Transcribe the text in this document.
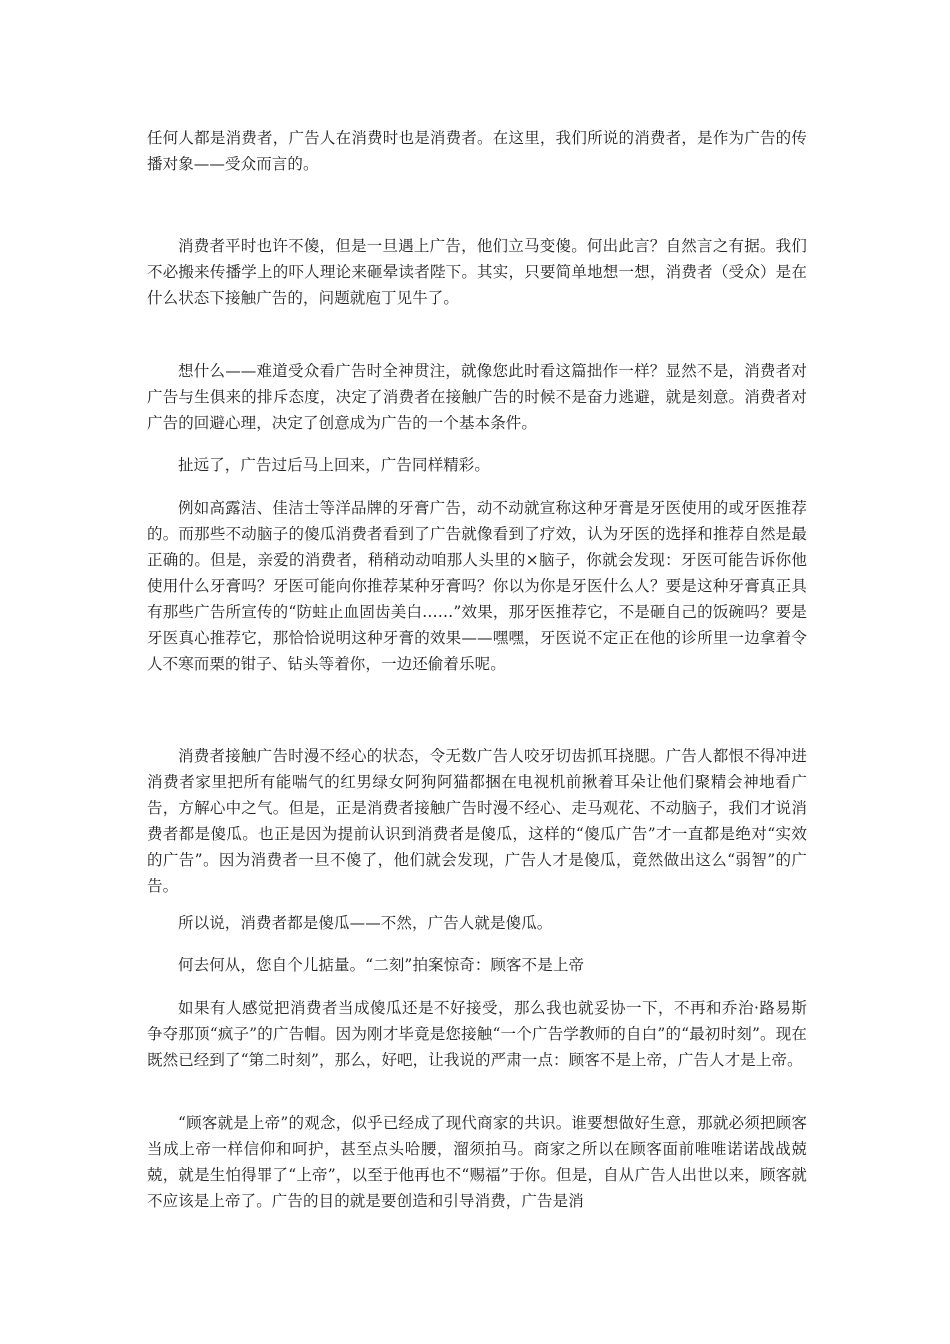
任何人都是消费者，广告人在消费时也是消费者。在这里，我们所说的消费者，是作为广告的传播对象——受众而言的。

消费者平时也许不傻，但是一旦遇上广告，他们立马变傻。何出此言？自然言之有据。我们不必搬来传播学上的吓人理论来砸晕读者陛下。其实，只要简单地想一想，消费者（受众）是在什么状态下接触广告的，问题就庖丁见牛了。

想什么——难道受众看广告时全神贯注，就像您此时看这篇拙作一样？显然不是，消费者对广告与生俱来的排斥态度，决定了消费者在接触广告的时候不是奋力逃避，就是刻意。消费者对广告的回避心理，决定了创意成为广告的一个基本条件。

扯远了，广告过后马上回来，广告同样精彩。

例如高露洁、佳洁士等洋品牌的牙膏广告，动不动就宣称这种牙膏是牙医使用的或牙医推荐的。而那些不动脑子的傻瓜消费者看到了广告就像看到了疗效，认为牙医的选择和推荐自然是最正确的。但是，亲爱的消费者，稍稍动动咱那人头里的×脑子，你就会发现：牙医可能告诉你他使用什么牙膏吗？牙医可能向你推荐某种牙膏吗？你以为你是牙医什么人？要是这种牙膏真正具有那些广告所宣传的“防蛀止血固齿美白……”效果，那牙医推荐它，不是砸自己的饭碗吗？要是牙医真心推荐它，那恰恰说明这种牙膏的效果——嘿嘿，牙医说不定正在他的诊所里一边拿着令人不寒而栗的钳子、钻头等着你，一边还偷着乐呢。

消费者接触广告时漫不经心的状态，令无数广告人咬牙切齿抓耳挠腮。广告人都恨不得冲进消费者家里把所有能喘气的红男绿女阿狗阿猫都捆在电视机前揪着耳朵让他们聚精会神地看广告，方解心中之气。但是，正是消费者接触广告时漫不经心、走马观花、不动脑子，我们才说消费者都是傻瓜。也正是因为提前认识到消费者是傻瓜，这样的“傻瓜广告”才一直都是绝对“实效的广告”。因为消费者一旦不傻了，他们就会发现，广告人才是傻瓜，竟然做出这么“弱智”的广告。

所以说，消费者都是傻瓜——不然，广告人就是傻瓜。

何去何从，您自个儿掂量。“二刻”拍案惊奇：顾客不是上帝

如果有人感觉把消费者当成傻瓜还是不好接受，那么我也就妥协一下，不再和乔治·路易斯争夺那顶“疯子”的广告帽。因为刚才毕竟是您接触“一个广告学教师的自白”的“最初时刻”。现在既然已经到了“第二时刻”，那么，好吧，让我说的严肃一点：顾客不是上帝，广告人才是上帝。

“顾客就是上帝”的观念，似乎已经成了现代商家的共识。谁要想做好生意，那就必须把顾客当成上帝一样信仰和呵护，甚至点头哈腰，溜须拍马。商家之所以在顾客面前唯唯诺诺战战兢兢，就是生怕得罪了“上帝”，以至于他再也不“赐福”于你。但是，自从广告人出世以来，顾客就不应该是上帝了。广告的目的就是要创造和引导消费，广告是消
